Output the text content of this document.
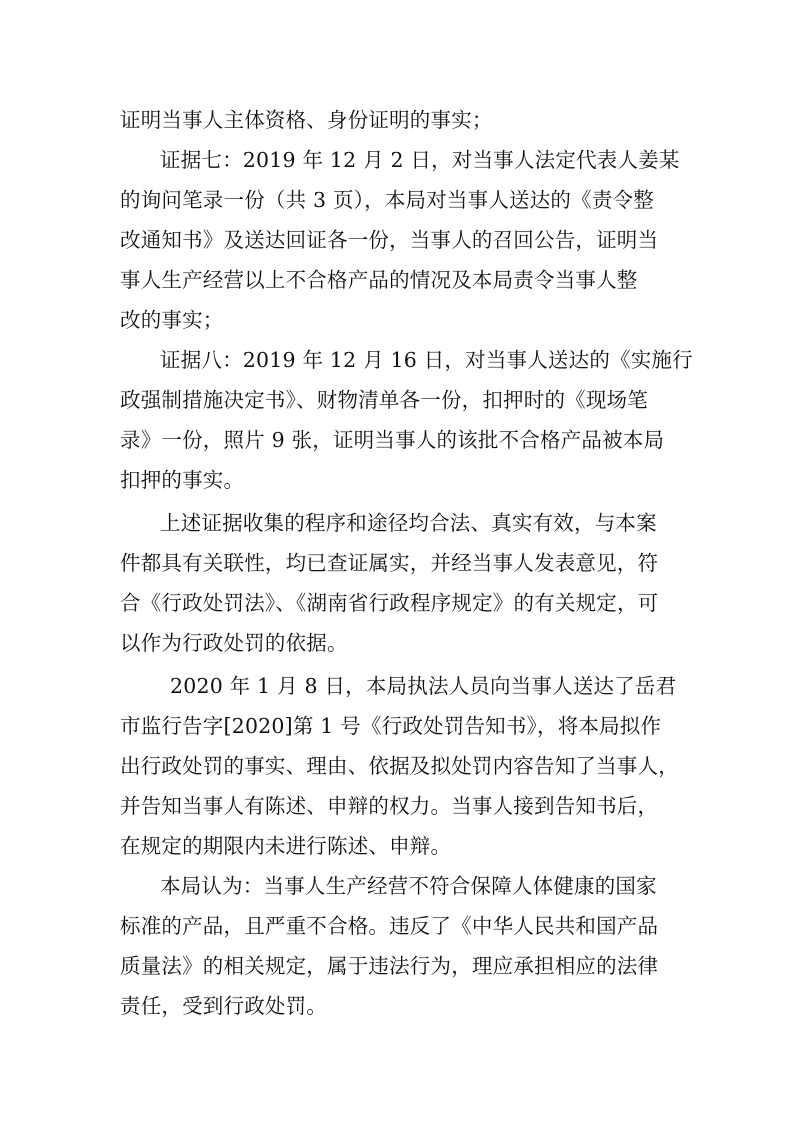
证明当事人主体资格、身份证明的事实；
证据七：2019 年 12 月 2 日，对当事人法定代表人姜某
的询问笔录一份（共 3 页），本局对当事人送达的《责令整
改通知书》及送达回证各一份，当事人的召回公告，证明当
事人生产经营以上不合格产品的情况及本局责令当事人整
改的事实；
证据八：2019 年 12 月 16 日，对当事人送达的《实施行
政强制措施决定书》、财物清单各一份，扣押时的《现场笔
录》一份，照片 9 张，证明当事人的该批不合格产品被本局
扣押的事实。
上述证据收集的程序和途径均合法、真实有效，与本案
件都具有关联性，均已查证属实，并经当事人发表意见，符
合《行政处罚法》、《湖南省行政程序规定》的有关规定，可
以作为行政处罚的依据。
2020 年 1 月 8 日，本局执法人员向当事人送达了岳君
市监行告字[2020]第 1 号《行政处罚告知书》，将本局拟作
出行政处罚的事实、理由、依据及拟处罚内容告知了当事人，
并告知当事人有陈述、申辩的权力。当事人接到告知书后，
在规定的期限内未进行陈述、申辩。
本局认为：当事人生产经营不符合保障人体健康的国家
标准的产品，且严重不合格。违反了《中华人民共和国产品
质量法》的相关规定，属于违法行为，理应承担相应的法律
责任，受到行政处罚。
